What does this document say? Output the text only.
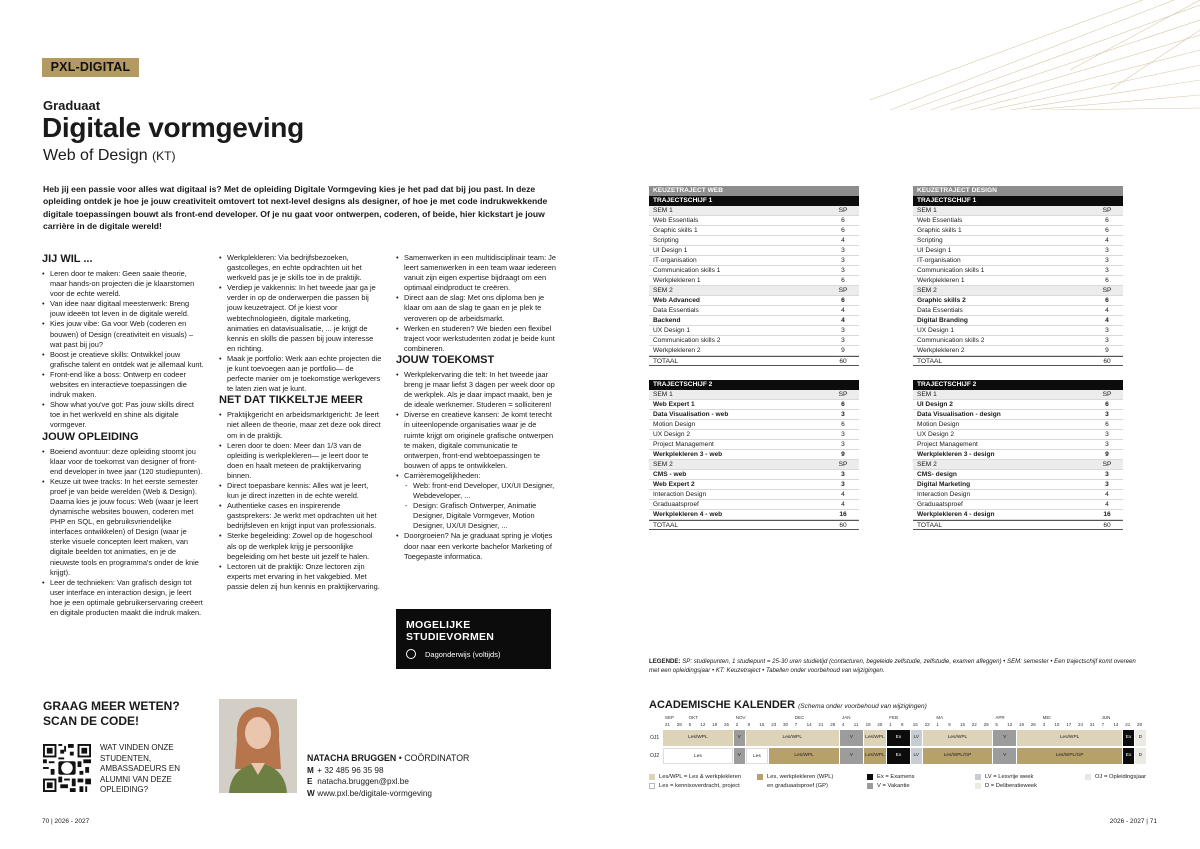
PXL-DIGITAL
Graduaat
Digitale vormgeving
Web of Design (KT)
Heb jij een passie voor alles wat digitaal is? Met de opleiding Digitale Vormgeving kies je het pad dat bij jou past. In deze opleiding ontdek je hoe je jouw creativiteit omtovert tot next-level designs als designer, of hoe je met code indrukwekkende digitale toepassingen bouwt als front-end developer. Of je nu gaat voor ontwerpen, coderen, of beide, hier kickstart je jouw carrière in de digitale wereld!
JIJ WIL ...
• Leren door te maken: Geen saaie theorie, maar hands-on projecten die je klaarstomen voor de echte wereld.
• Van idee naar digitaal meesterwerk: Breng jouw ideeën tot leven in de digitale wereld.
• Kies jouw vibe: Ga voor Web (coderen en bouwen) of Design (creativiteit en visuals) – wat past bij jou?
• Boost je creatieve skills: Ontwikkel jouw grafische talent en ontdek wat je allemaal kunt.
• Front-end like a boss: Ontwerp en codeer websites en interactieve toepassingen die indruk maken.
• Show what you've got: Pas jouw skills direct toe in het werkveld en shine als digitale vormgever.
JOUW OPLEIDING
• Boeiend avontuur: deze opleiding stoomt jou klaar voor de toekomst van designer of front-end developer in twee jaar (120 studiepunten).
• Keuze uit twee tracks: In het eerste semester proef je van beide werelden (Web & Design). Daarna kies je jouw focus: Web (waar je leert dynamische websites bouwen, coderen met PHP en SQL, en gebruiksvriendelijke interfaces ontwikkelen) of Design (waar je sterke visuele concepten leert maken, van digitale beelden tot animaties, en je de nieuwste tools en programma's onder de knie krijgt).
• Leer de technieken: Van grafisch design tot user interface en interaction design, je leert hoe je een optimale gebruikerservaring creëert en digitale producten maakt die indruk maken.
• Werkplekleren: Via bedrijfsbezoeken, gastcolleges, en echte opdrachten uit het werkveld pas je je skills toe in de praktijk.
• Verdiep je vakkennis: In het tweede jaar ga je verder in op de onderwerpen die passen bij jouw keuzetraject. Of je kiest voor webtechnologieën, digitale marketing, animaties en datavisualisatie, ... je krijgt de kennis en skills die passen bij jouw interesse en richting.
• Maak je portfolio: Werk aan echte projecten die je kunt toevoegen aan je portfolio— de perfecte manier om je toekomstige werkgevers te laten zien wat je kunt.
NET DAT TIKKELTJE MEER
• Praktijkgericht en arbeidsmarktgericht: Je leert niet alleen de theorie, maar zet deze ook direct om in de praktijk.
• Leren door te doen: Meer dan 1/3 van de opleiding is werkplekleren— je leert door te doen en haalt meteen de praktijkervaring binnen.
• Direct toepasbare kennis: Alles wat je leert, kun je direct inzetten in de echte wereld.
• Authentieke cases en inspirerende gastsprekers: Je werkt met opdrachten uit het bedrijfsleven en krijgt input van professionals.
• Sterke begeleiding: Zowel op de hogeschool als op de werkplek krijg je persoonlijke begeleiding om het beste uit jezelf te halen.
• Lectoren uit de praktijk: Onze lectoren zijn experts met ervaring in het vakgebied. Met passie delen zij hun kennis en praktijkervaring.
• Samenwerken in een multidisciplinair team: Je leert samenwerken in een team waar iedereen vanuit zijn eigen expertise bijdraagt om een optimaal eindproduct te creëren.
• Direct aan de slag: Met ons diploma ben je klaar om aan de slag te gaan en je plek te veroveren op de arbeidsmarkt.
• Werken en studeren? We bieden een flexibel traject voor werkstudenten zodat je beide kunt combineren.
JOUW TOEKOMST
• Werkplekervaring die telt: In het tweede jaar breng je maar liefst 3 dagen per week door op de werkplek. Als je daar impact maakt, ben je de ideale werknemer. Studeren = solliciteren!
• Diverse en creatieve kansen: Je komt terecht in uiteenlopende organisaties waar je de ruimte krijgt om originele grafische ontwerpen te maken, digitale communicatie te ontwerpen, front-end webtoepassingen te bouwen of apps te ontwikkelen.
• Carrièremogelijkheden:
- Web: front-end Developer, UX/UI Designer, Webdeveloper, ...
- Design: Grafisch Ontwerper, Animatie Designer, Digitale Vormgever, Motion Designer, UX/UI Designer, ...
• Doorgroeien? Na je graduaat spring je vlotjes door naar een verkorte bachelor Marketing of Toegepaste informatica.
MOGELIJKE STUDIEVORMEN
Dagonderwijs (voltijds)
GRAAG MEER WETEN? SCAN DE CODE!
WAT VINDEN ONZE STUDENTEN, AMBASSADEURS EN ALUMNI VAN DEZE OPLEIDING?
NATACHA BRUGGEN • COÖRDINATOR
M + 32 485 96 35 98
E natacha.bruggen@pxl.be
W www.pxl.be/digitale-vormgeving
70 | 2026 - 2027	2026 - 2027 | 71
KEUZETRAJECT WEB
TRAJECTSCHIJF 1
SEM 1	SP
Web Essentials	6
Graphic skills 1	6
Scripting	4
UI Design 1	3
IT-organisation	3
Communication skills 1	3
Werkplekleren 1	6
SEM 2	SP
Web Advanced	6
Data Essentials	4
Backend	4
UX Design 1	3
Communication skills 2	3
Werkplekleren 2	9
TOTAAL	60
KEUZETRAJECT DESIGN
TRAJECTSCHIJF 1
SEM 1	SP
Web Essentials	6
Graphic skills 1	6
Scripting	4
UI Design 1	3
IT-organisation	3
Communication skills 1	3
Werkplekleren 1	6
SEM 2	SP
Graphic skills 2	6
Data Essentials	4
Digital Branding	4
UX Design 1	3
Communication skills 2	3
Werkplekleren 2	9
TOTAAL	60
TRAJECTSCHIJF 2
SEM 1	SP
Web Expert 1	6
Data Visualisation - web	3
Motion Design	6
UX Design 2	3
Project Management	3
Werkplekleren 3 - web	9
SEM 2	SP
CMS - web	3
Web Expert 2	3
Interaction Design	4
Graduaatsproef	4
Werkplekleren 4 - web	16
TOTAAL	60
TRAJECTSCHIJF 2
SEM 1	SP
UI Design 2	6
Data Visualisation - design	3
Motion Design	6
UX Design 2	3
Project Management	3
Werkplekleren 3 - design	9
SEM 2	SP
CMS- design	3
Digital Marketing	3
Interaction Design	4
Graduaatsproef	4
Werkplekleren 4 - design	16
TOTAAL	60
LEGENDE: SP: studiepunten, 1 studiepunt = 25-30 uren studietijd (contacturen, begeleide zelfstudie, zelfstudie, examen afleggen) • SEM: semester • Een trajectschijf komt overeen met een opleidingsjaar • KT: Keuzetraject • Tabellen onder voorbehoud van wijzigingen.
ACADEMISCHE KALENDER (Schema onder voorbehoud van wijzigingen)
SEP	OKT	NOV	DEC	JAN	FEB	MA	APR	MEI	JUN
21 28 5 12 19 26 2 9 16 23 30 7 14 21 28 4 11 18 25 1 8 15 22 1 8 15 22 29 5 12 19 26 3 10 17 24 31 7 14 21 28
OJ1	Les/WPL	V	Les/WPL	V	Les/WPL	Ex	LV	Les/WPL	V	Les/WPL	Ex	D
OJ2	Les	V	Les	Les/WPL	V	Les/WPL	Ex	LV	Les/WPL/GP	V	Les/WPL/GP	Ex	D
Les/WPL = Les & werkplekleren
Les = kennisoverdracht, project
Les, werkplekleren (WPL)
en graduaatsproef (GP)
Ex = Examens
V = Vakantie
LV = Lesvrije week
D = Deliberatieweek
OJ = Opleidingsjaar
